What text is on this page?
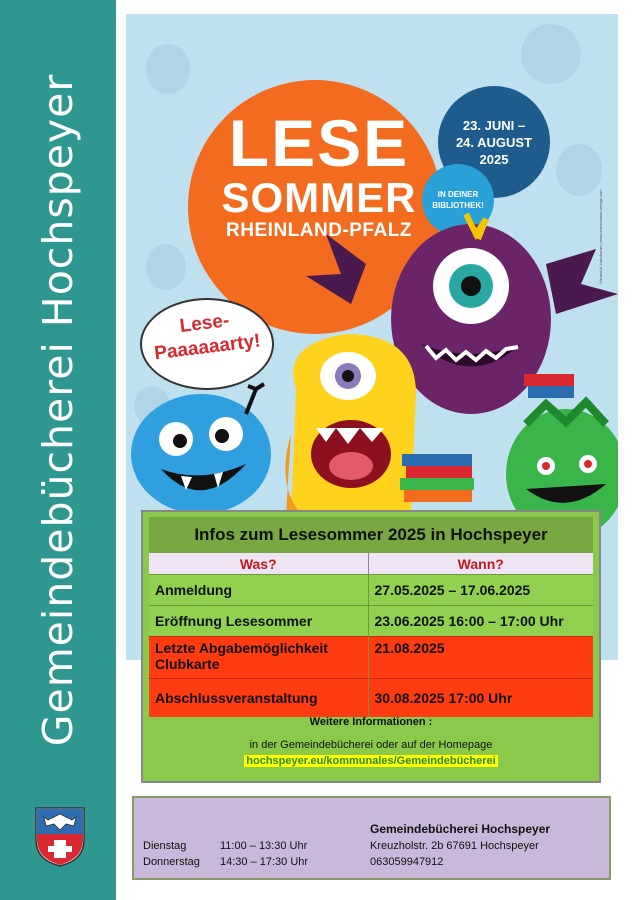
Gemeindebücherei Hochspeyer LESE
SOMMER
RHEINLAND-PFALZ
23. JUNI –
24. AUGUST
2025
IN DEINER
BIBLIOTHEK!
Lese-
Paaaaaarty!
Nieland & Lutschauer | www.lesesommer-design.com
Infos zum Lesesommer 2025 in Hochspeyer
Was?	Wann?
Anmeldung	27.05.2025 – 17.06.2025
Eröffnung Lesesommer	23.06.2025 16:00 – 17:00 Uhr
Letzte Abgabemöglichkeit Clubkarte	21.08.2025
Abschlussveranstaltung	30.08.2025 17:00 Uhr
Weitere Informationen :
in der Gemeindebücherei oder auf der Homepage
hochspeyer.eu/kommunales/Gemeindebücherei
Gemeindebücherei Hochspeyer
Dienstag	11:00 – 13:30 Uhr
Donnerstag 14:30 – 17:30 Uhr
Kreuzholstr. 2b 67691 Hochspeyer
063059947912
